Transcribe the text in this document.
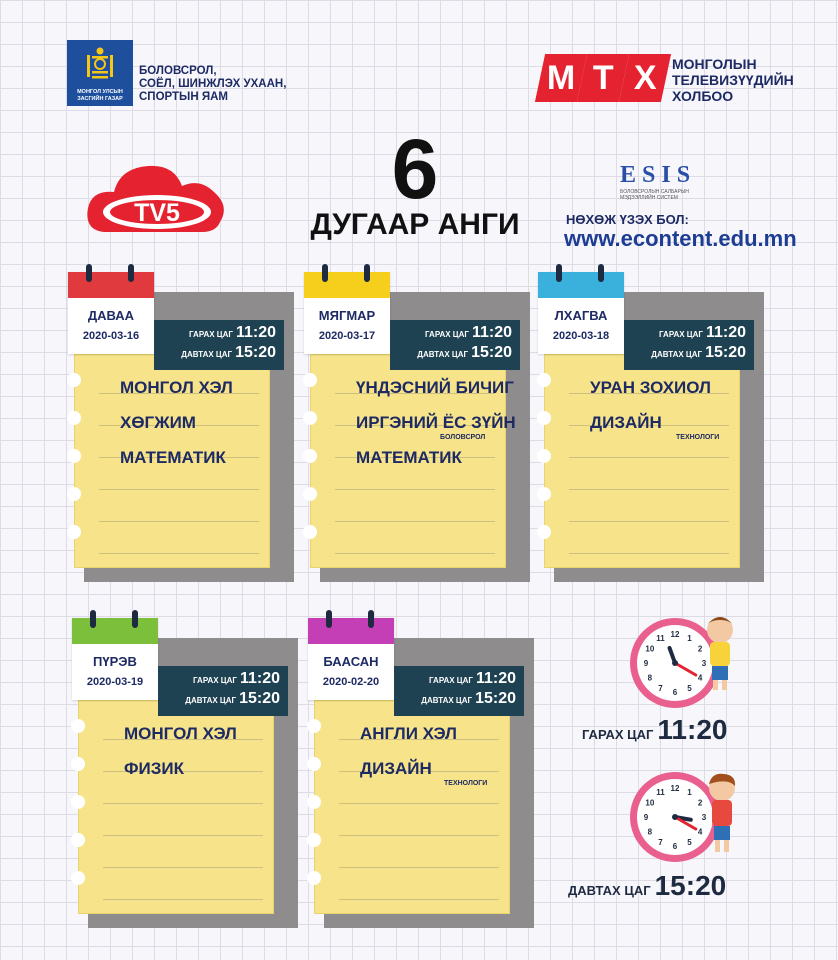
МОНГОЛ УЛСЫН
ЗАСГИЙН ГАЗАР
БОЛОВСРОЛ,
СОЁЛ, ШИНЖЛЭХ УХААН,
СПОРТЫН ЯАМ
М Т Х МОНГОЛЫН
ТЕЛЕВИЗҮҮДИЙН
ХОЛБОО
TV5	6
ДУГААР АНГИ
ESIS
БОЛОВСРОЛЫН САЛБАРЫН
МЭДЭЭЛЛИЙН СИСТЕМ
НӨХӨЖ ҮЗЭХ БОЛ:
www.econtent.edu.mn
ДАВАА
2020-03-16	ГАРАХ ЦАГ 11:20
ДАВТАХ ЦАГ 15:20
МОНГОЛ ХЭЛ
ХӨГЖИМ
МАТЕМАТИК
МЯГМАР
2020-03-17	ГАРАХ ЦАГ 11:20
ДАВТАХ ЦАГ 15:20
ҮНДЭСНИЙ БИЧИГ
ИРГЭНИЙ ЁС ЗҮЙН
МАТЕМАТИК
БОЛОВСРОЛ
ЛХАГВА
2020-03-18	ГАРАХ ЦАГ 11:20
ДАВТАХ ЦАГ 15:20
УРАН ЗОХИОЛ
ДИЗАЙН
ТЕХНОЛОГИ
ПҮРЭВ
2020-03-19	ГАРАХ ЦАГ 11:20
ДАВТАХ ЦАГ 15:20
МОНГОЛ ХЭЛ
ФИЗИК
БААСАН
2020-02-20	ГАРАХ ЦАГ 11:20
ДАВТАХ ЦАГ 15:20
АНГЛИ ХЭЛ
ДИЗАЙН
ТЕХНОЛОГИ
1
2
3
4
5
6
7
8
9
10
11 12
ГАРАХ ЦАГ 11:20
1
2
3
4
5
6
7
8
9
10
11 12
ДАВТАХ ЦАГ 15:20
